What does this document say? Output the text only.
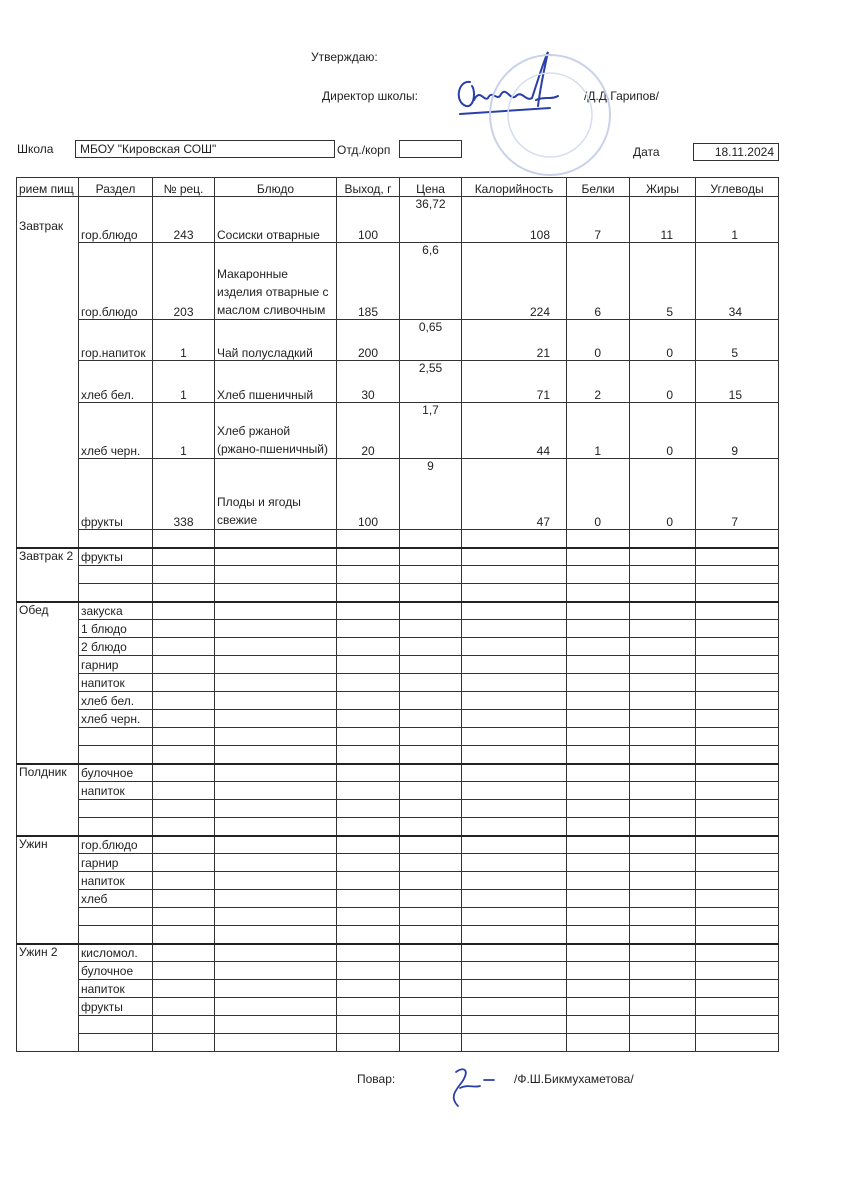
Утверждаю:
Директор школы:	/Д.Д.Гарипов/
Школа	МБОУ "Кировская СОШ"	Отд./корп	Дата	18.11.2024
рием пищ	Раздел	№ рец.	Блюдо	Выход, г	Цена	Калорийность	Белки	Жиры	Углеводы
Завтрак	гор.блюдо	243	Сосиски отварные	100	36,72	108	7	11	1
	гор.блюдо	203	Макаронные изделия отварные с маслом сливочным	185	6,6	224	6	5	34
	гор.напиток	1	Чай полусладкий	200	0,65	21	0	0	5
	хлеб бел.	1	Хлеб пшеничный	30	2,55	71	2	0	15
	хлеб черн.	1	Хлеб ржаной (ржано-пшеничный)	20	1,7	44	1	0	9
	фрукты	338	Плоды и ягоды свежие	100	9	47	0	0	7

Завтрак 2	фрукты								

Обед	закуска								
	1 блюдо								
	2 блюдо								
	гарнир								
	напиток								
	хлеб бел.								
	хлеб черн.								

Полдник	булочное								
	напиток								

Ужин	гор.блюдо								
	гарнир								
	напиток								
	хлеб								

Ужин 2	кисломол.								
	булочное								
	напиток								
	фрукты								

Повар:	/Ф.Ш.Бикмухаметова/
